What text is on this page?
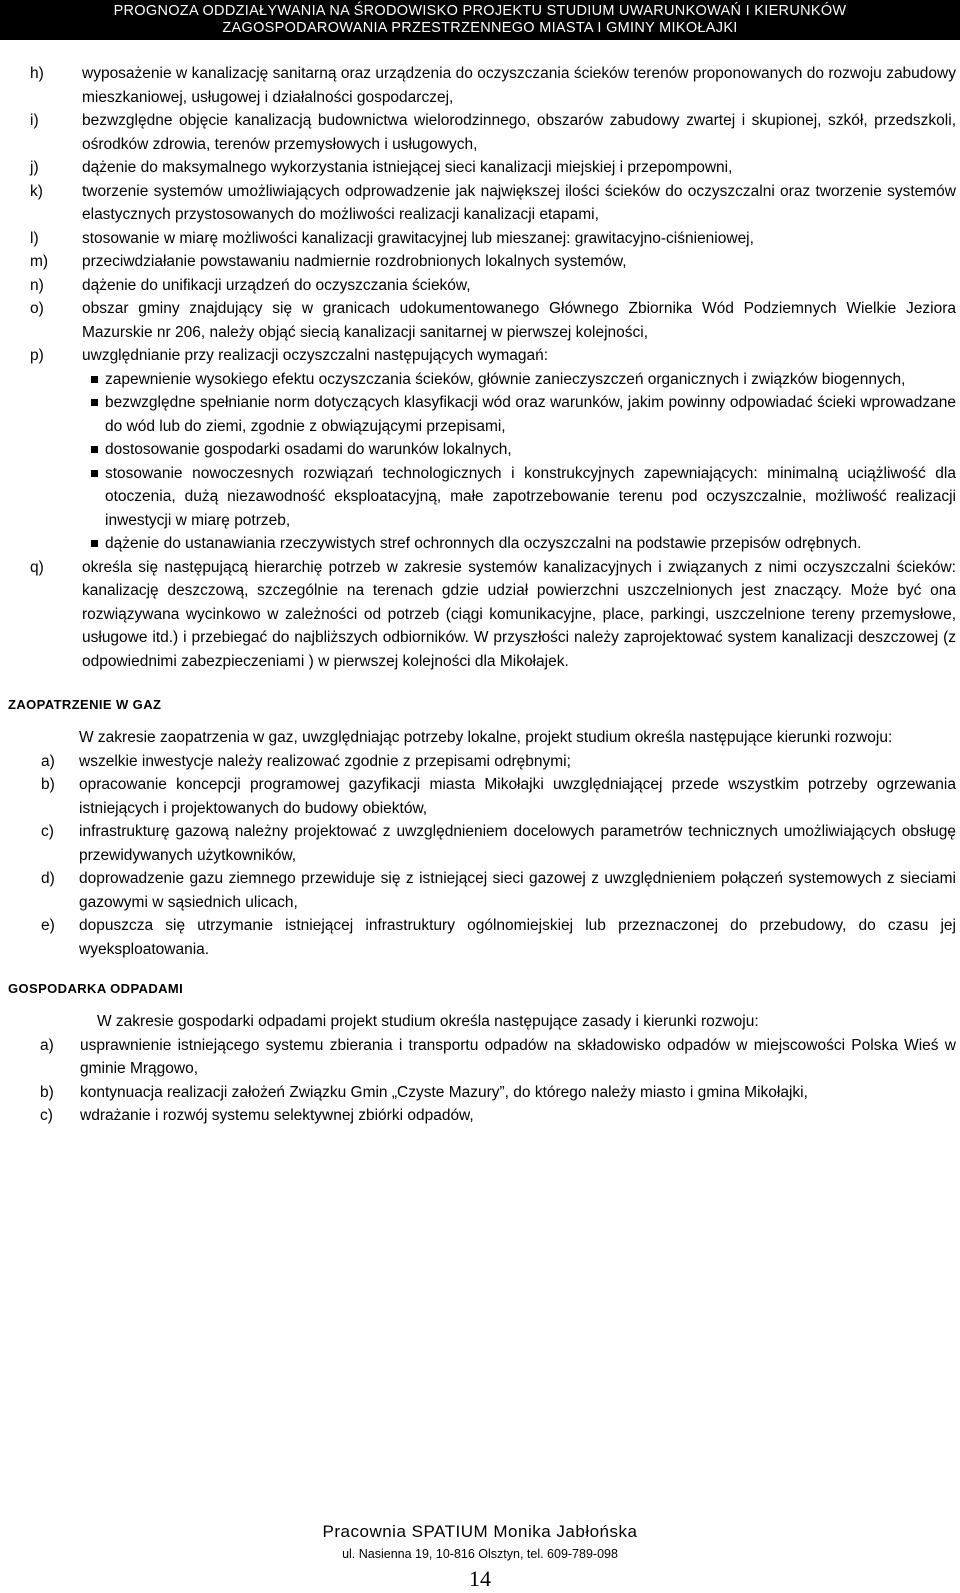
PROGNOZA ODDZIAŁYWANIA NA ŚRODOWISKO PROJEKTU STUDIUM UWARUNKOWAŃ I KIERUNKÓW
ZAGOSPODAROWANIA PRZESTRZENNEGO MIASTA I GMINY MIKOŁAJKI
h) wyposażenie w kanalizację sanitarną oraz urządzenia do oczyszczania ścieków terenów proponowanych do rozwoju zabudowy mieszkaniowej, usługowej i działalności gospodarczej,
i)	bezwzględne objęcie kanalizacją budownictwa wielorodzinnego, obszarów zabudowy zwartej i skupionej, szkół, przedszkoli, ośrodków zdrowia, terenów przemysłowych i usługowych,
j)	dążenie do maksymalnego wykorzystania istniejącej sieci kanalizacji miejskiej i przepompowni,
k)	tworzenie systemów umożliwiających odprowadzenie jak największej ilości ścieków do oczyszczalni oraz tworzenie systemów elastycznych przystosowanych do możliwości realizacji kanalizacji etapami,
l)	stosowanie w miarę możliwości kanalizacji grawitacyjnej lub mieszanej: grawitacyjno-ciśnieniowej,
m) przeciwdziałanie powstawaniu nadmiernie rozdrobnionych lokalnych systemów,
n) dążenie do unifikacji urządzeń do oczyszczania ścieków,
o) obszar gminy znajdujący się w granicach udokumentowanego Głównego Zbiornika Wód Podziemnych Wielkie Jeziora Mazurskie nr 206, należy objąć siecią kanalizacji sanitarnej w pierwszej kolejności,
p) uwzględnianie przy realizacji oczyszczalni następujących wymagań:
zapewnienie wysokiego efektu oczyszczania ścieków, głównie zanieczyszczeń organicznych i związków biogennych,
bezwzględne spełnianie norm dotyczących klasyfikacji wód oraz warunków, jakim powinny odpowiadać ścieki wprowadzane do wód lub do ziemi, zgodnie z obwiązującymi przepisami,
dostosowanie gospodarki osadami do warunków lokalnych,
stosowanie nowoczesnych rozwiązań technologicznych i konstrukcyjnych zapewniających: minimalną uciążliwość dla otoczenia, dużą niezawodność eksploatacyjną, małe zapotrzebowanie terenu pod oczyszczalnie, możliwość realizacji inwestycji w miarę potrzeb,
dążenie do ustanawiania rzeczywistych stref ochronnych dla oczyszczalni na podstawie przepisów odrębnych.
q) określa się następującą hierarchię potrzeb w zakresie systemów kanalizacyjnych i związanych z nimi oczyszczalni ścieków: kanalizację deszczową, szczególnie na terenach gdzie udział powierzchni uszczelnionych jest znaczący. Może być ona rozwiązywana wycinkowo w zależności od potrzeb (ciągi komunikacyjne, place, parkingi, uszczelnione tereny przemysłowe, usługowe itd.) i przebiegać do najbliższych odbiorników. W przyszłości należy zaprojektować system kanalizacji deszczowej (z odpowiednimi zabezpieczeniami ) w pierwszej kolejności dla Mikołajek.
ZAOPATRZENIE W GAZ
W zakresie zaopatrzenia w gaz, uwzględniając potrzeby lokalne, projekt studium określa następujące kierunki rozwoju:
a) wszelkie inwestycje należy realizować zgodnie z przepisami odrębnymi;
b) opracowanie koncepcji programowej gazyfikacji miasta Mikołajki uwzględniającej przede wszystkim potrzeby ogrzewania istniejących i projektowanych do budowy obiektów,
c) infrastrukturę gazową należny projektować z uwzględnieniem docelowych parametrów technicznych umożliwiających obsługę przewidywanych użytkowników,
d) doprowadzenie gazu ziemnego przewiduje się z istniejącej sieci gazowej z uwzględnieniem połączeń systemowych z sieciami gazowymi w sąsiednich ulicach,
e) dopuszcza się utrzymanie istniejącej infrastruktury ogólnomiejskiej lub przeznaczonej do przebudowy, do czasu jej wyeksploatowania.
GOSPODARKA ODPADAMI
W zakresie gospodarki odpadami projekt studium określa następujące zasady i kierunki rozwoju:
a) usprawnienie istniejącego systemu zbierania i transportu odpadów na składowisko odpadów w miejscowości Polska Wieś w gminie Mrągowo,
b) kontynuacja realizacji założeń Związku Gmin „Czyste Mazury”, do którego należy miasto i gmina Mikołajki,
c) wdrażanie i rozwój systemu selektywnej zbiórki odpadów,
Pracownia SPATIUM Monika Jabłońska
ul. Nasienna 19, 10-816 Olsztyn, tel. 609-789-098
14
